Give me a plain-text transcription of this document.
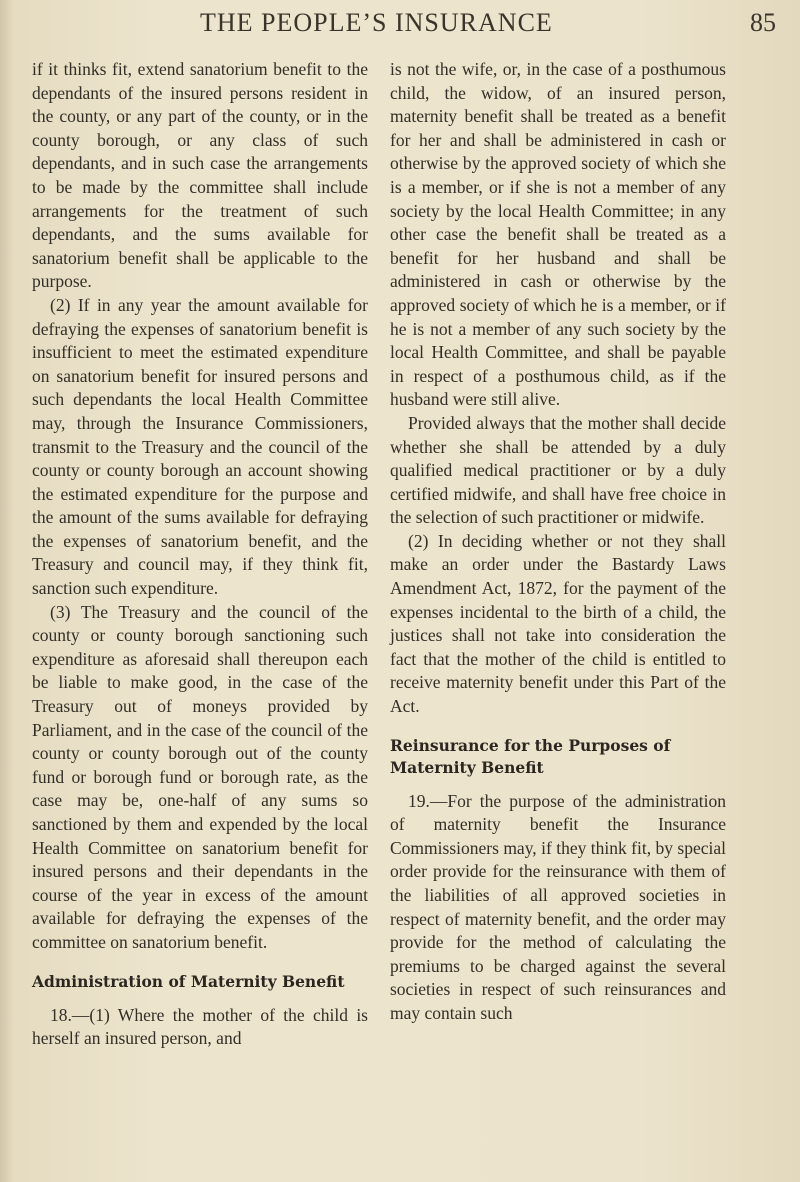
THE PEOPLE’S INSURANCE	85

if it thinks fit, extend sanatorium benefit to the dependants of the insured persons resident in the county, or any part of the county, or in the county borough, or any class of such dependants, and in such case the arrangements to be made by the committee shall include arrangements for the treatment of such dependants, and the sums available for sanatorium benefit shall be applicable to the purpose.

(2) If in any year the amount available for defraying the expenses of sanatorium benefit is insufficient to meet the estimated expenditure on sanatorium benefit for insured persons and such dependants the local Health Committee may, through the Insurance Commissioners, transmit to the Treasury and the council of the county or county borough an account showing the estimated expenditure for the purpose and the amount of the sums available for defraying the expenses of sanatorium benefit, and the Treasury and council may, if they think fit, sanction such expenditure.

(3) The Treasury and the council of the county or county borough sanctioning such expenditure as aforesaid shall thereupon each be liable to make good, in the case of the Treasury out of moneys provided by Parliament, and in the case of the council of the county or county borough out of the county fund or borough fund or borough rate, as the case may be, one-half of any sums so sanctioned by them and expended by the local Health Committee on sanatorium benefit for insured persons and their dependants in the course of the year in excess of the amount available for defraying the expenses of the committee on sanatorium benefit.

Administration of Maternity Benefit

18.—(1) Where the mother of the child is herself an insured person, and

is not the wife, or, in the case of a posthumous child, the widow, of an insured person, maternity benefit shall be treated as a benefit for her and shall be administered in cash or otherwise by the approved society of which she is a member, or if she is not a member of any society by the local Health Committee; in any other case the benefit shall be treated as a benefit for her husband and shall be administered in cash or otherwise by the approved society of which he is a member, or if he is not a member of any such society by the local Health Committee, and shall be payable in respect of a posthumous child, as if the husband were still alive.

Provided always that the mother shall decide whether she shall be attended by a duly qualified medical practitioner or by a duly certified midwife, and shall have free choice in the selection of such practitioner or midwife.

(2) In deciding whether or not they shall make an order under the Bastardy Laws Amendment Act, 1872, for the payment of the expenses incidental to the birth of a child, the justices shall not take into consideration the fact that the mother of the child is entitled to receive maternity benefit under this Part of the Act.

Reinsurance for the Purposes of Maternity Benefit

19.—For the purpose of the administration of maternity benefit the Insurance Commissioners may, if they think fit, by special order provide for the reinsurance with them of the liabilities of all approved societies in respect of maternity benefit, and the order may provide for the method of calculating the premiums to be charged against the several societies in respect of such reinsurances and may contain such
